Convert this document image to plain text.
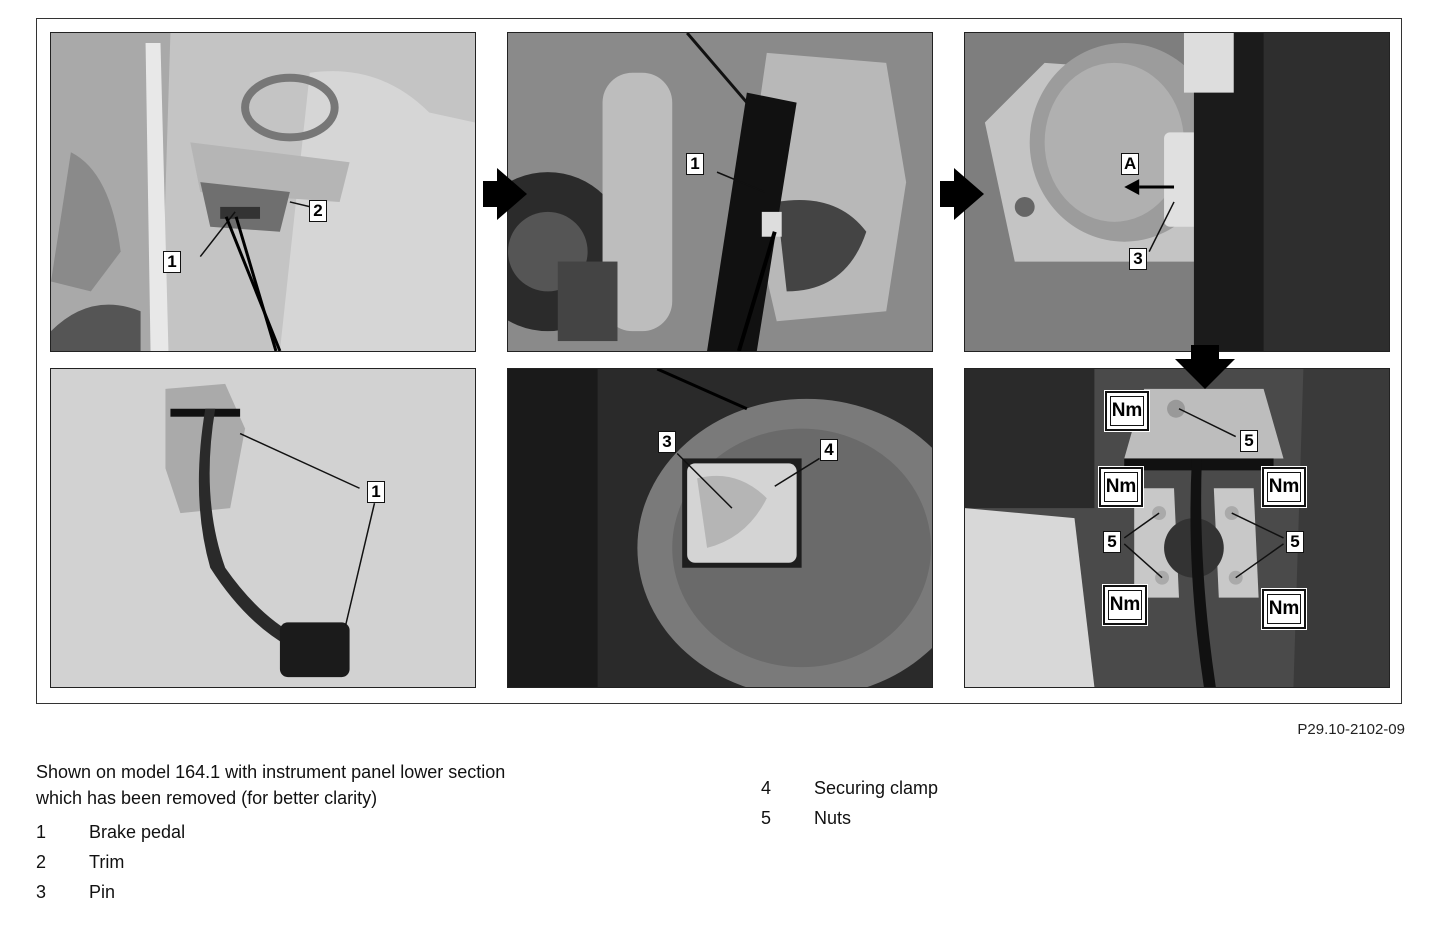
1
2
1	A
3
1
3	4	5
5	5
Nm
Nm	Nm
Nm	Nm
P29.10-2102-09
Shown on model 164.1 with instrument panel lower section
which has been removed (for better clarity)
1	Brake pedal
2	Trim
3	Pin
4	Securing clamp
5	Nuts
